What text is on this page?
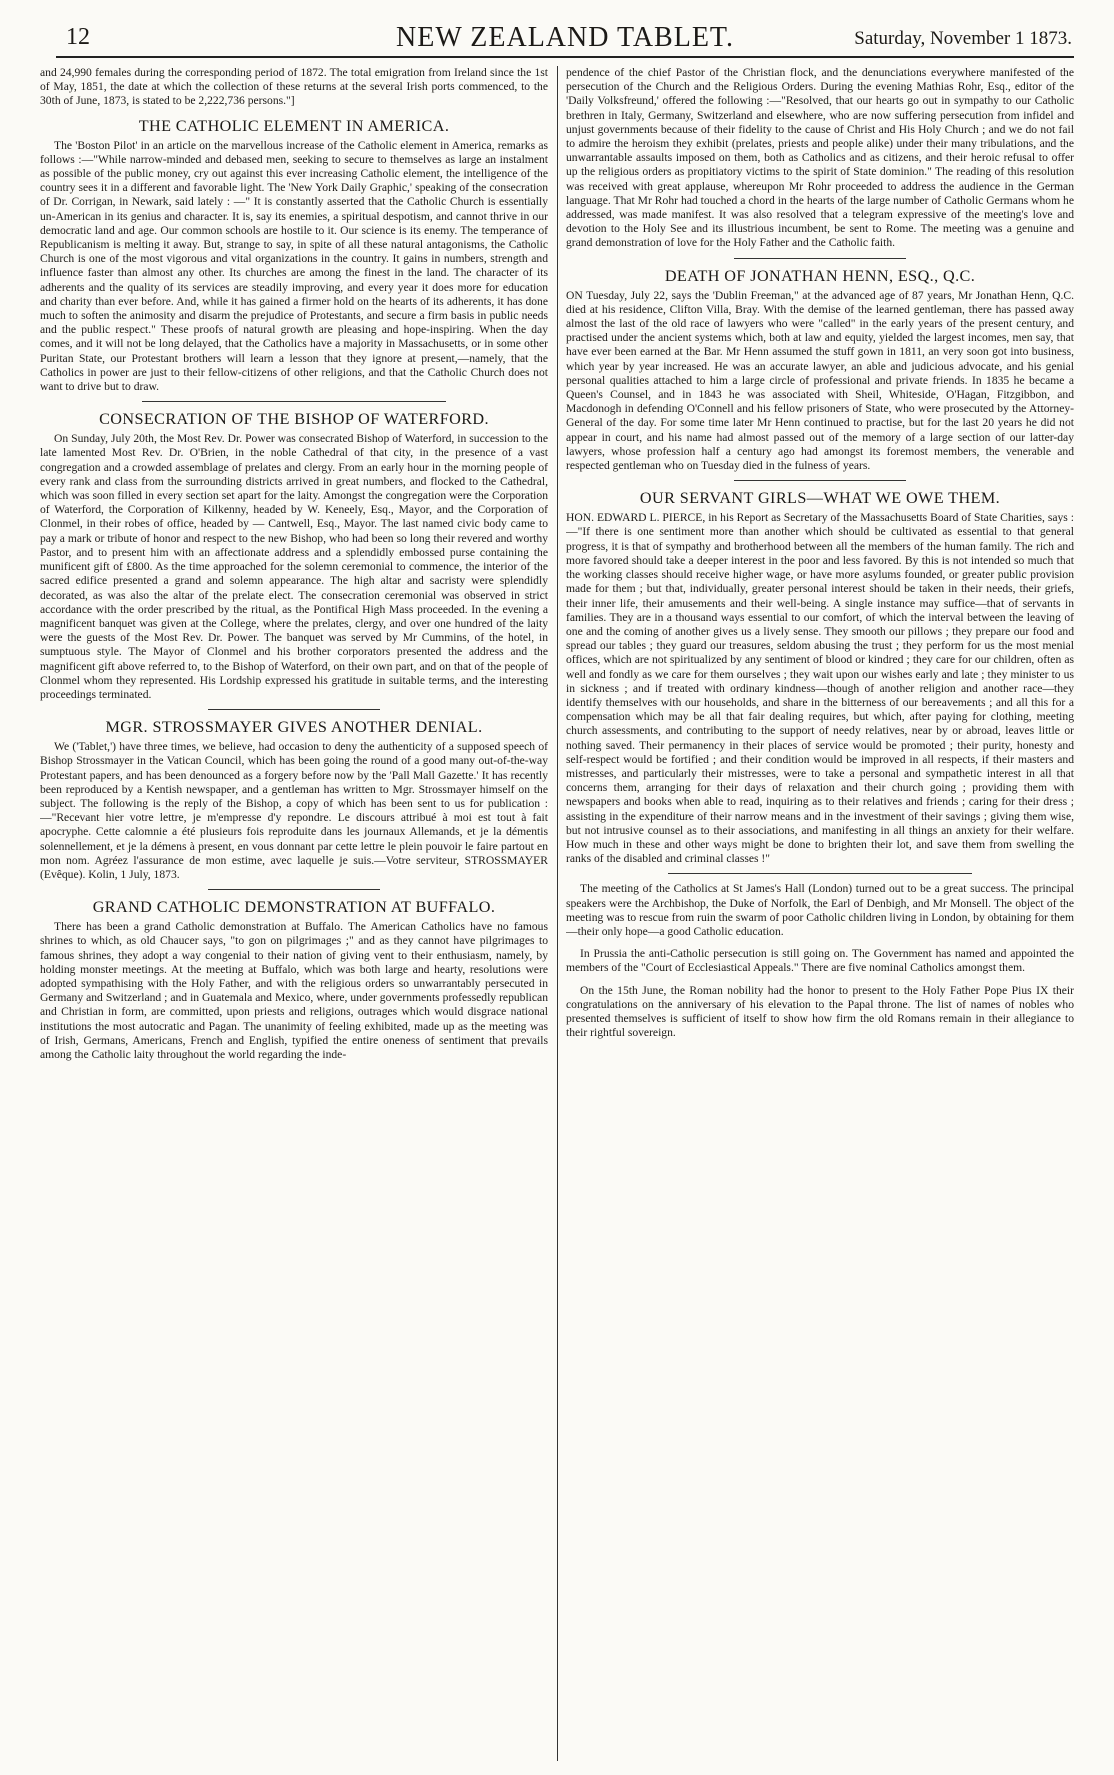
12	NEW ZEALAND TABLET.	Saturday, November 1 1873.

and 24,990 females during the corresponding period of 1872. The total emigration from Ireland since the 1st of May, 1851, the date at which the collection of these returns at the several Irish ports commenced, to the 30th of June, 1873, is stated to be 2,222,736 persons."]

THE CATHOLIC ELEMENT IN AMERICA.

The 'Boston Pilot' in an article on the marvellous increase of the Catholic element in America, remarks as follows :—"While narrow-minded and debased men, seeking to secure to themselves as large an instalment as possible of the public money, cry out against this ever increasing Catholic element, the intelligence of the country sees it in a different and favorable light. The 'New York Daily Graphic,' speaking of the consecration of Dr. Corrigan, in Newark, said lately : —" It is constantly asserted that the Catholic Church is essentially un-American in its genius and character. It is, say its enemies, a spiritual despotism, and cannot thrive in our democratic land and age. Our common schools are hostile to it. Our science is its enemy. The temperance of Republicanism is melting it away. But, strange to say, in spite of all these natural antagonisms, the Catholic Church is one of the most vigorous and vital organizations in the country. It gains in numbers, strength and influence faster than almost any other. Its churches are among the finest in the land. The character of its adherents and the quality of its services are steadily improving, and every year it does more for education and charity than ever before. And, while it has gained a firmer hold on the hearts of its adherents, it has done much to soften the animosity and disarm the prejudice of Protestants, and secure a firm basis in public needs and the public respect." These proofs of natural growth are pleasing and hope-inspiring. When the day comes, and it will not be long delayed, that the Catholics have a majority in Massachusetts, or in some other Puritan State, our Protestant brothers will learn a lesson that they ignore at present,—namely, that the Catholics in power are just to their fellow-citizens of other religions, and that the Catholic Church does not want to drive but to draw.

CONSECRATION OF THE BISHOP OF WATERFORD.

On Sunday, July 20th, the Most Rev. Dr. Power was consecrated Bishop of Waterford, in succession to the late lamented Most Rev. Dr. O'Brien, in the noble Cathedral of that city, in the presence of a vast congregation and a crowded assemblage of prelates and clergy. From an early hour in the morning people of every rank and class from the surrounding districts arrived in great numbers, and flocked to the Cathedral, which was soon filled in every section set apart for the laity. Amongst the congregation were the Corporation of Waterford, the Corporation of Kilkenny, headed by W. Keneely, Esq., Mayor, and the Corporation of Clonmel, in their robes of office, headed by — Cantwell, Esq., Mayor. The last named civic body came to pay a mark or tribute of honor and respect to the new Bishop, who had been so long their revered and worthy Pastor, and to present him with an affectionate address and a splendidly embossed purse containing the munificent gift of £800. As the time approached for the solemn ceremonial to commence, the interior of the sacred edifice presented a grand and solemn appearance. The high altar and sacristy were splendidly decorated, as was also the altar of the prelate elect. The consecration ceremonial was observed in strict accordance with the order prescribed by the ritual, as the Pontifical High Mass proceeded. In the evening a magnificent banquet was given at the College, where the prelates, clergy, and over one hundred of the laity were the guests of the Most Rev. Dr. Power. The banquet was served by Mr Cummins, of the hotel, in sumptuous style. The Mayor of Clonmel and his brother corporators presented the address and the magnificent gift above referred to, to the Bishop of Waterford, on their own part, and on that of the people of Clonmel whom they represented. His Lordship expressed his gratitude in suitable terms, and the interesting proceedings terminated.

MGR. STROSSMAYER GIVES ANOTHER DENIAL.

We ('Tablet,') have three times, we believe, had occasion to deny the authenticity of a supposed speech of Bishop Strossmayer in the Vatican Council, which has been going the round of a good many out-of-the-way Protestant papers, and has been denounced as a forgery before now by the 'Pall Mall Gazette.' It has recently been reproduced by a Kentish newspaper, and a gentleman has written to Mgr. Strossmayer himself on the subject. The following is the reply of the Bishop, a copy of which has been sent to us for publication :—"Recevant hier votre lettre, je m'empresse d'y repondre. Le discours attribué à moi est tout à fait apocryphe. Cette calomnie a été plusieurs fois reproduite dans les journaux Allemands, et je la démentis solennellement, et je la démens à present, en vous donnant par cette lettre le plein pouvoir le faire partout en mon nom. Agréez l'assurance de mon estime, avec laquelle je suis.—Votre serviteur, STROSSMAYER (Evêque). Kolin, 1 July, 1873.

GRAND CATHOLIC DEMONSTRATION AT BUFFALO.

There has been a grand Catholic demonstration at Buffalo. The American Catholics have no famous shrines to which, as old Chaucer says, "to gon on pilgrimages ;" and as they cannot have pilgrimages to famous shrines, they adopt a way congenial to their nation of giving vent to their enthusiasm, namely, by holding monster meetings. At the meeting at Buffalo, which was both large and hearty, resolutions were adopted sympathising with the Holy Father, and with the religious orders so unwarrantably persecuted in Germany and Switzerland ; and in Guatemala and Mexico, where, under governments professedly republican and Christian in form, are committed, upon priests and religions, outrages which would disgrace national institutions the most autocratic and Pagan. The unanimity of feeling exhibited, made up as the meeting was of Irish, Germans, Americans, French and English, typified the entire oneness of sentiment that prevails among the Catholic laity throughout the world regarding the inde-

pendence of the chief Pastor of the Christian flock, and the denunciations everywhere manifested of the persecution of the Church and the Religious Orders. During the evening Mathias Rohr, Esq., editor of the 'Daily Volksfreund,' offered the following :—"Resolved, that our hearts go out in sympathy to our Catholic brethren in Italy, Germany, Switzerland and elsewhere, who are now suffering persecution from infidel and unjust governments because of their fidelity to the cause of Christ and His Holy Church ; and we do not fail to admire the heroism they exhibit (prelates, priests and people alike) under their many tribulations, and the unwarrantable assaults imposed on them, both as Catholics and as citizens, and their heroic refusal to offer up the religious orders as propitiatory victims to the spirit of State dominion." The reading of this resolution was received with great applause, whereupon Mr Rohr proceeded to address the audience in the German language. That Mr Rohr had touched a chord in the hearts of the large number of Catholic Germans whom he addressed, was made manifest. It was also resolved that a telegram expressive of the meeting's love and devotion to the Holy See and its illustrious incumbent, be sent to Rome. The meeting was a genuine and grand demonstration of love for the Holy Father and the Catholic faith.

DEATH OF JONATHAN HENN, ESQ., Q.C.

ON Tuesday, July 22, says the 'Dublin Freeman," at the advanced age of 87 years, Mr Jonathan Henn, Q.C. died at his residence, Clifton Villa, Bray. With the demise of the learned gentleman, there has passed away almost the last of the old race of lawyers who were "called" in the early years of the present century, and practised under the ancient systems which, both at law and equity, yielded the largest incomes, men say, that have ever been earned at the Bar. Mr Henn assumed the stuff gown in 1811, an very soon got into business, which year by year increased. He was an accurate lawyer, an able and judicious advocate, and his genial personal qualities attached to him a large circle of professional and private friends. In 1835 he became a Queen's Counsel, and in 1843 he was associated with Sheil, Whiteside, O'Hagan, Fitzgibbon, and Macdonogh in defending O'Connell and his fellow prisoners of State, who were prosecuted by the Attorney-General of the day. For some time later Mr Henn continued to practise, but for the last 20 years he did not appear in court, and his name had almost passed out of the memory of a large section of our latter-day lawyers, whose profession half a century ago had amongst its foremost members, the venerable and respected gentleman who on Tuesday died in the fulness of years.

OUR SERVANT GIRLS—WHAT WE OWE THEM.

HON. EDWARD L. PIERCE, in his Report as Secretary of the Massachusetts Board of State Charities, says :—"If there is one sentiment more than another which should be cultivated as essential to that general progress, it is that of sympathy and brotherhood between all the members of the human family. The rich and more favored should take a deeper interest in the poor and less favored. By this is not intended so much that the working classes should receive higher wage, or have more asylums founded, or greater public provision made for them ; but that, individually, greater personal interest should be taken in their needs, their griefs, their inner life, their amusements and their well-being. A single instance may suffice—that of servants in families. They are in a thousand ways essential to our comfort, of which the interval between the leaving of one and the coming of another gives us a lively sense. They smooth our pillows ; they prepare our food and spread our tables ; they guard our treasures, seldom abusing the trust ; they perform for us the most menial offices, which are not spiritualized by any sentiment of blood or kindred ; they care for our children, often as well and fondly as we care for them ourselves ; they wait upon our wishes early and late ; they minister to us in sickness ; and if treated with ordinary kindness—though of another religion and another race—they identify themselves with our households, and share in the bitterness of our bereavements ; and all this for a compensation which may be all that fair dealing requires, but which, after paying for clothing, meeting church assessments, and contributing to the support of needy relatives, near by or abroad, leaves little or nothing saved. Their permanency in their places of service would be promoted ; their purity, honesty and self-respect would be fortified ; and their condition would be improved in all respects, if their masters and mistresses, and particularly their mistresses, were to take a personal and sympathetic interest in all that concerns them, arranging for their days of relaxation and their church going ; providing them with newspapers and books when able to read, inquiring as to their relatives and friends ; caring for their dress ; assisting in the expenditure of their narrow means and in the investment of their savings ; giving them wise, but not intrusive counsel as to their associations, and manifesting in all things an anxiety for their welfare. How much in these and other ways might be done to brighten their lot, and save them from swelling the ranks of the disabled and criminal classes !"

The meeting of the Catholics at St James's Hall (London) turned out to be a great success. The principal speakers were the Archbishop, the Duke of Norfolk, the Earl of Denbigh, and Mr Monsell. The object of the meeting was to rescue from ruin the swarm of poor Catholic children living in London, by obtaining for them—their only hope—a good Catholic education.

In Prussia the anti-Catholic persecution is still going on. The Government has named and appointed the members of the "Court of Ecclesiastical Appeals." There are five nominal Catholics amongst them.

On the 15th June, the Roman nobility had the honor to present to the Holy Father Pope Pius IX their congratulations on the anniversary of his elevation to the Papal throne. The list of names of nobles who presented themselves is sufficient of itself to show how firm the old Romans remain in their allegiance to their rightful sovereign.
